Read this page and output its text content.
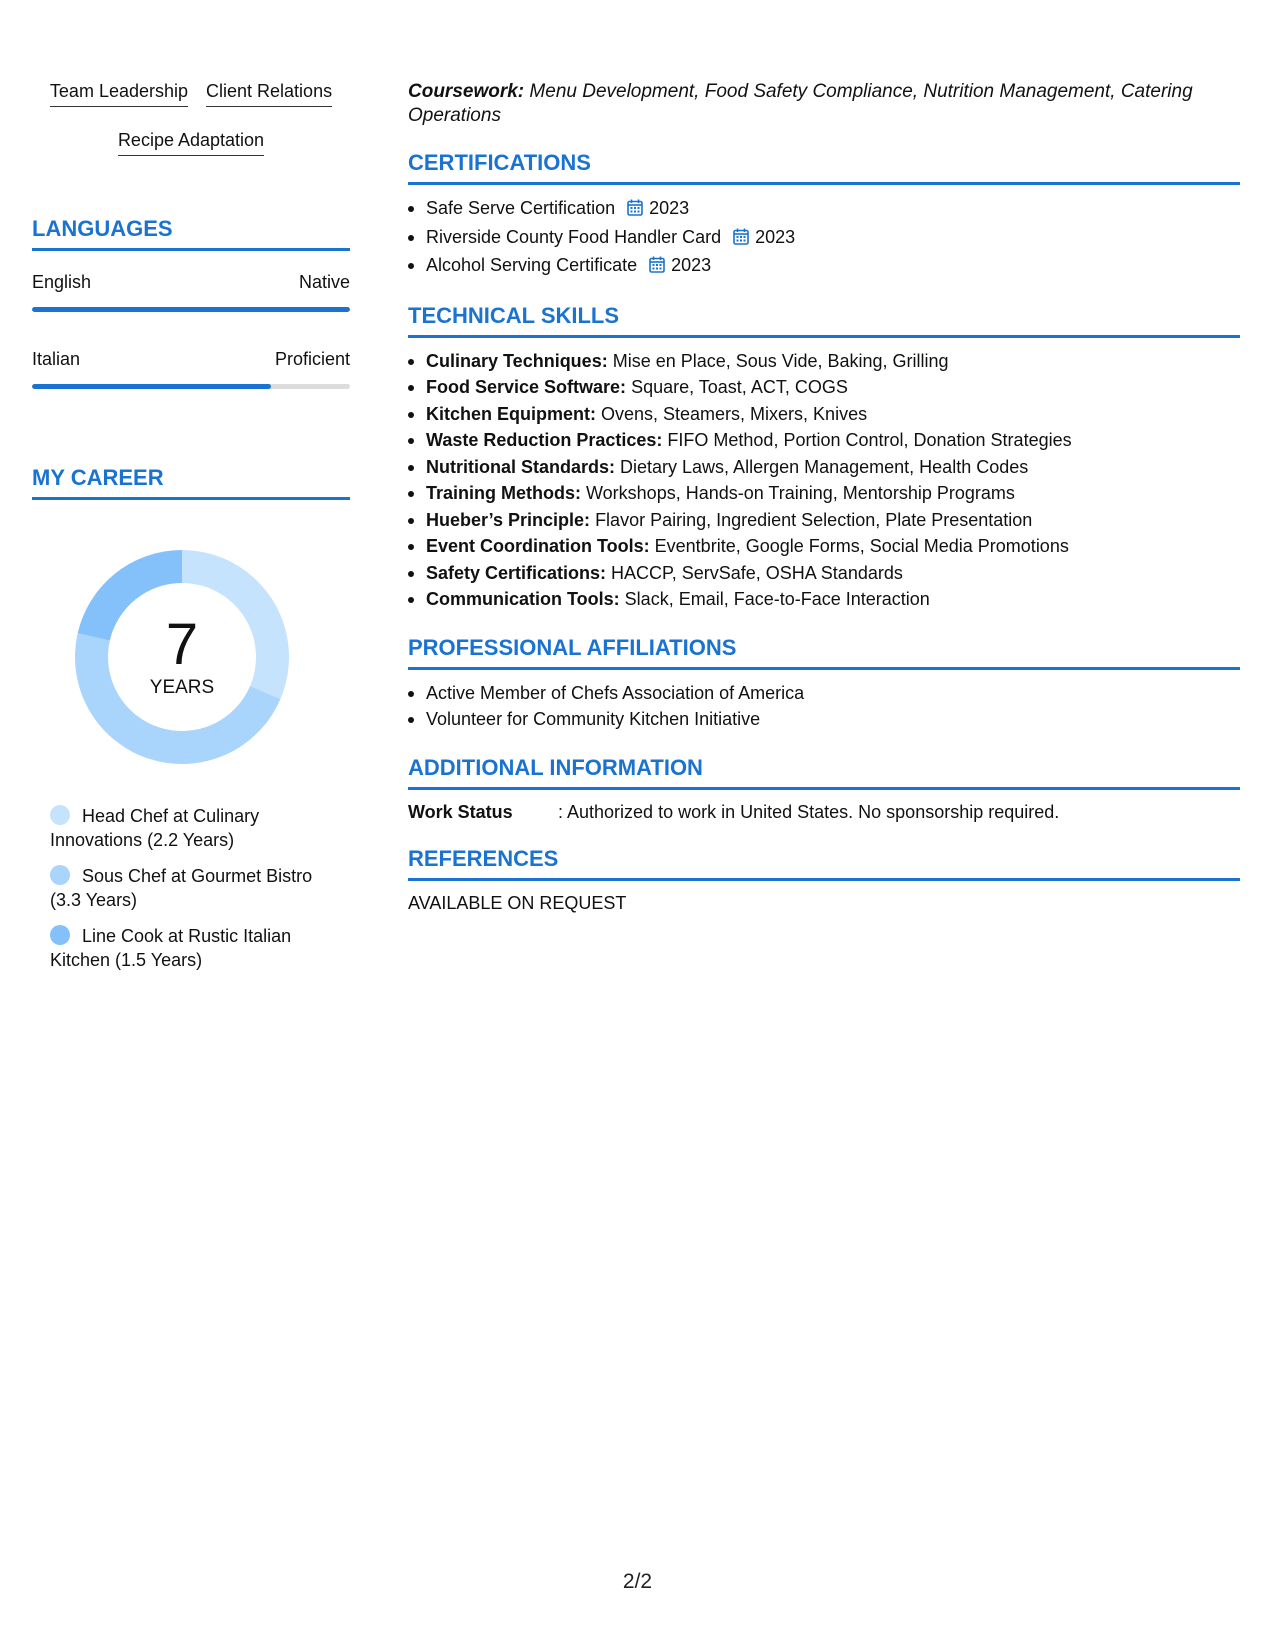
Team Leadership Client Relations
Recipe Adaptation
LANGUAGES
English	Native
Italian	Proficient
MY CAREER
7
YEARS
Head Chef at Culinary Innovations (2.2 Years)
Sous Chef at Gourmet Bistro (3.3 Years)
Line Cook at Rustic Italian Kitchen (1.5 Years)
Coursework: Menu Development, Food Safety Compliance, Nutrition Management, Catering Operations
CERTIFICATIONS
Safe Serve Certification 2023
Riverside County Food Handler Card 2023
Alcohol Serving Certificate 2023
TECHNICAL SKILLS
Culinary Techniques: Mise en Place, Sous Vide, Baking, Grilling
Food Service Software: Square, Toast, ACT, COGS
Kitchen Equipment: Ovens, Steamers, Mixers, Knives
Waste Reduction Practices: FIFO Method, Portion Control, Donation Strategies
Nutritional Standards: Dietary Laws, Allergen Management, Health Codes
Training Methods: Workshops, Hands-on Training, Mentorship Programs
Hueber’s Principle: Flavor Pairing, Ingredient Selection, Plate Presentation
Event Coordination Tools: Eventbrite, Google Forms, Social Media Promotions
Safety Certifications: HACCP, ServSafe, OSHA Standards
Communication Tools: Slack, Email, Face-to-Face Interaction
PROFESSIONAL AFFILIATIONS
Active Member of Chefs Association of America
Volunteer for Community Kitchen Initiative
ADDITIONAL INFORMATION
Work Status	: Authorized to work in United States. No sponsorship required.
REFERENCES
AVAILABLE ON REQUEST
2/2
